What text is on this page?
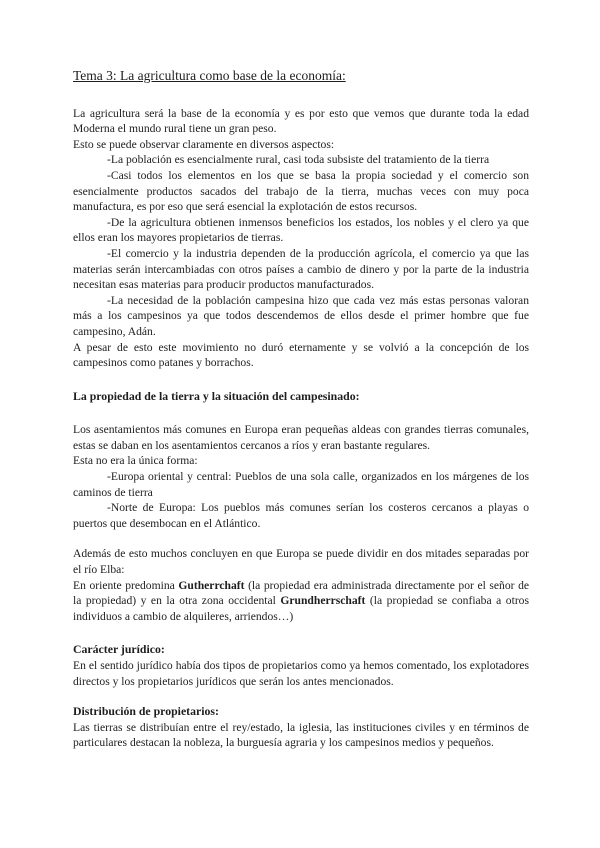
Tema 3: La agricultura como base de la economía:

La agricultura será la base de la economía y es por esto que vemos que durante toda la edad Moderna el mundo rural tiene un gran peso.

Esto se puede observar claramente en diversos aspectos:

-La población es esencialmente rural, casi toda subsiste del tratamiento de la tierra

-Casi todos los elementos en los que se basa la propia sociedad y el comercio son esencialmente productos sacados del trabajo de la tierra, muchas veces con muy poca manufactura, es por eso que será esencial la explotación de estos recursos.

-De la agricultura obtienen inmensos beneficios los estados, los nobles y el clero ya que ellos eran los mayores propietarios de tierras.

-El comercio y la industria dependen de la producción agrícola, el comercio ya que las materias serán intercambiadas con otros países a cambio de dinero y por la parte de la industria necesitan esas materias para producir productos manufacturados.

-La necesidad de la población campesina hizo que cada vez más estas personas valoran más a los campesinos ya que todos descendemos de ellos desde el primer hombre que fue campesino, Adán.

A pesar de esto este movimiento no duró eternamente y se volvió a la concepción de los campesinos como patanes y borrachos.

La propiedad de la tierra y la situación del campesinado:

Los asentamientos más comunes en Europa eran pequeñas aldeas con grandes tierras comunales, estas se daban en los asentamientos cercanos a ríos y eran bastante regulares.

Esta no era la única forma:

-Europa oriental y central: Pueblos de una sola calle, organizados en los márgenes de los caminos de tierra

-Norte de Europa: Los pueblos más comunes serían los costeros cercanos a playas o puertos que desembocan en el Atlántico.

Además de esto muchos concluyen en que Europa se puede dividir en dos mitades separadas por el río Elba:

En oriente predomina Gutherrchaft (la propiedad era administrada directamente por el señor de la propiedad) y en la otra zona occidental Grundherrschaft (la propiedad se confiaba a otros individuos a cambio de alquileres, arriendos…)

Carácter jurídico:

En el sentido jurídico había dos tipos de propietarios como ya hemos comentado, los explotadores directos y los propietarios jurídicos que serán los antes mencionados.

Distribución de propietarios:

Las tierras se distribuían entre el rey/estado, la iglesia, las instituciones civiles y en términos de particulares destacan la nobleza, la burguesía agraria y los campesinos medios y pequeños.
